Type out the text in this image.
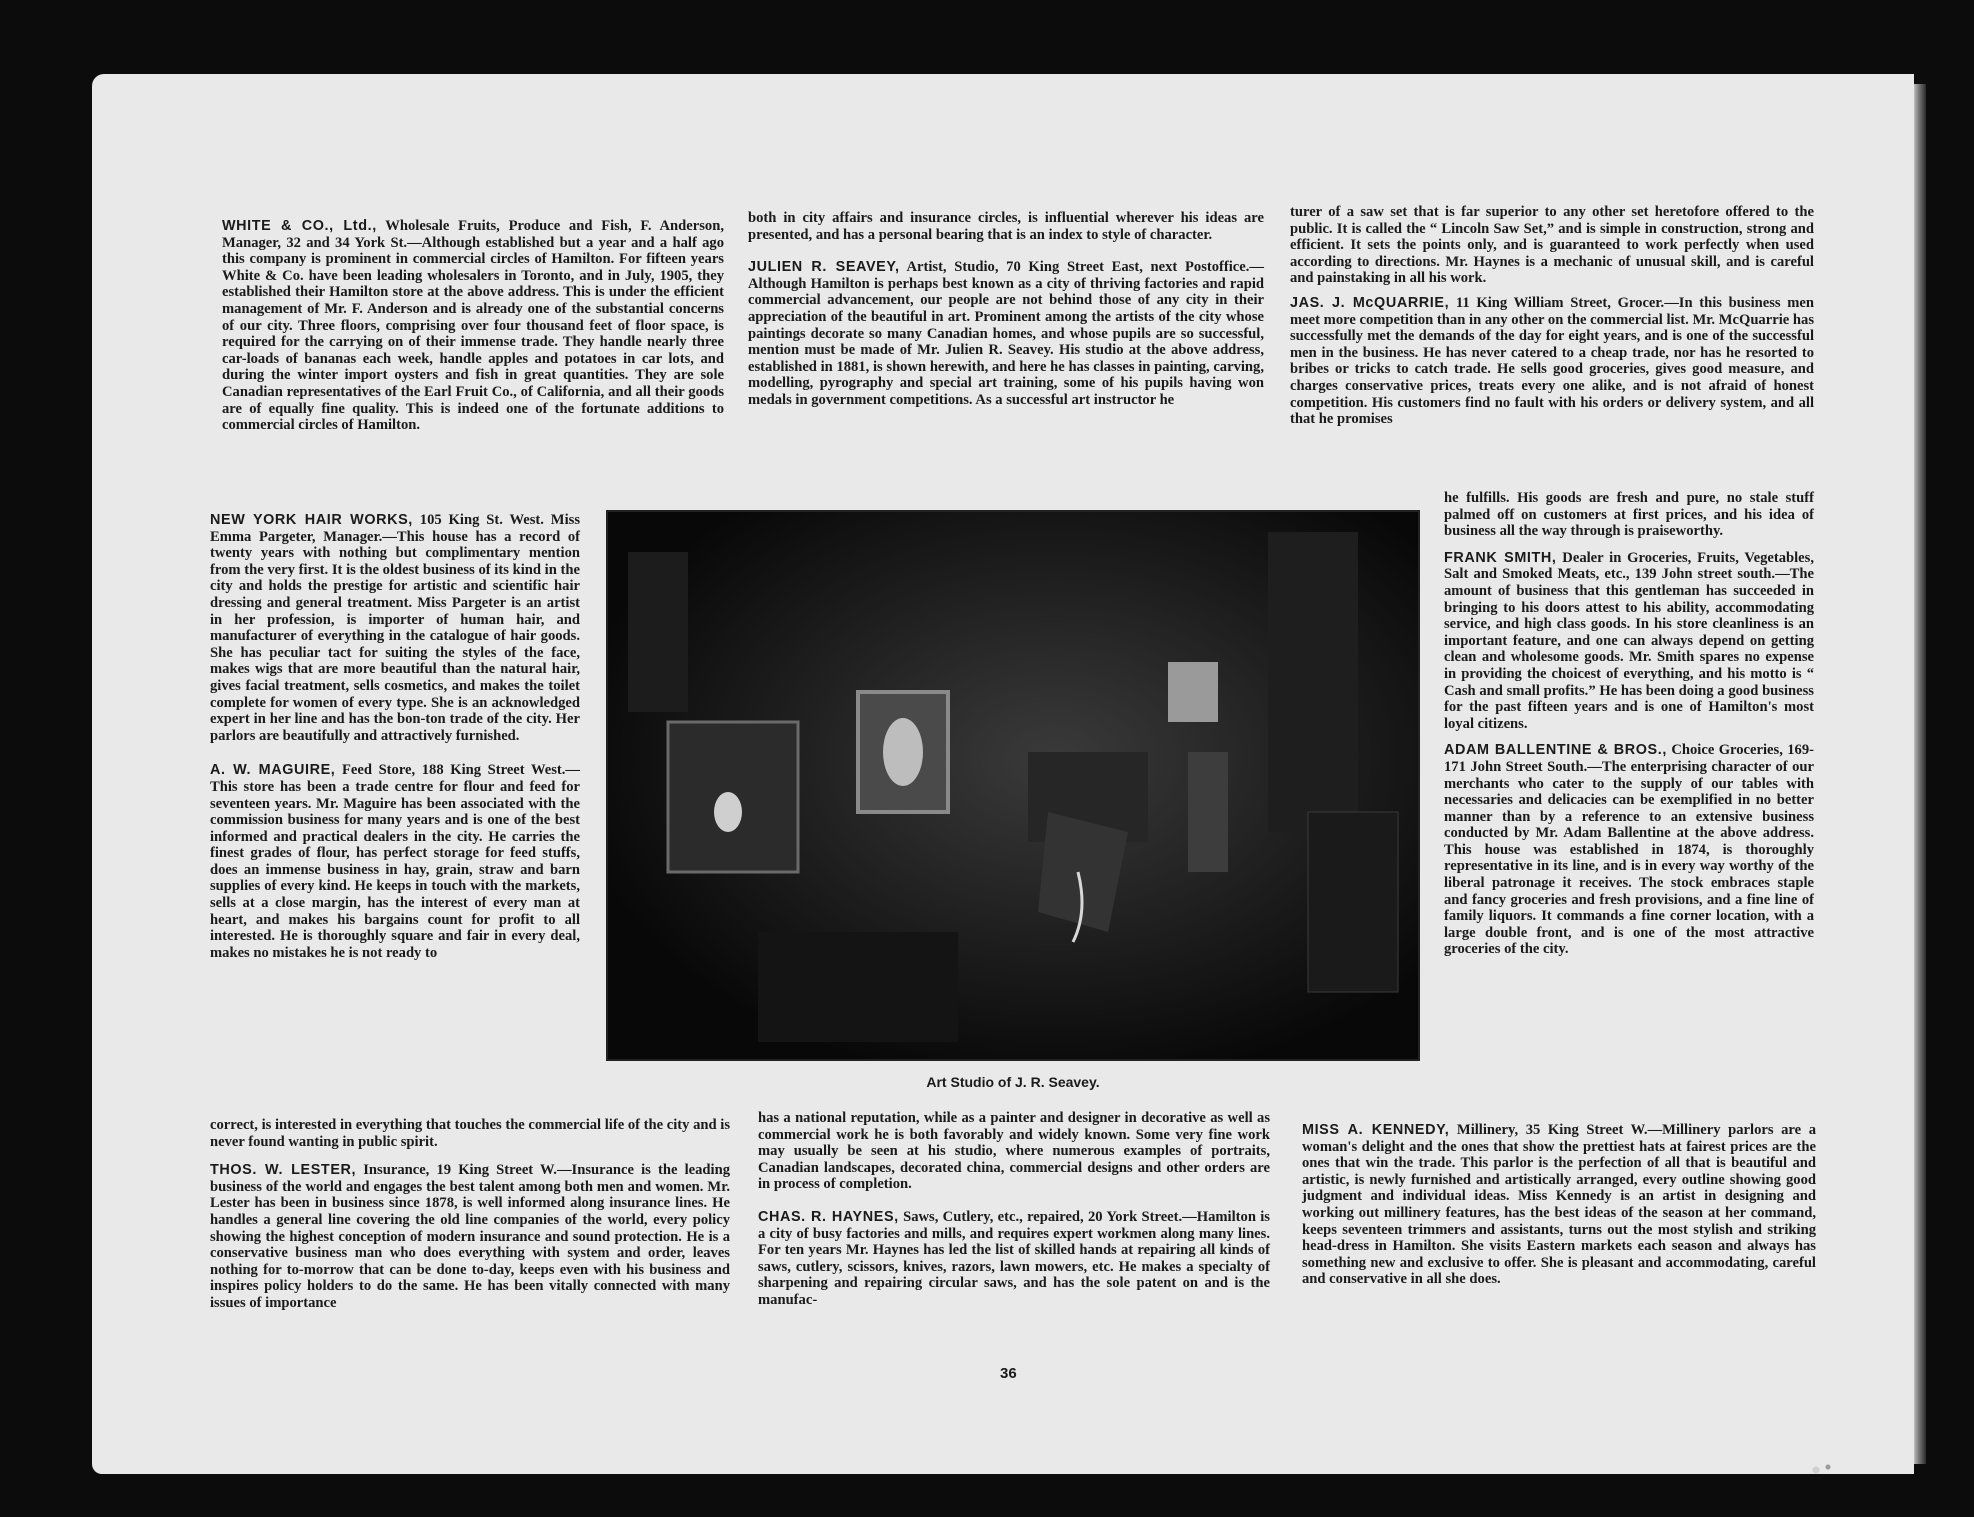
WHITE & CO., Ltd., Wholesale Fruits, Produce and Fish, F. Anderson, Manager, 32 and 34 York St.—Although established but a year and a half ago this company is prominent in commercial circles of Hamilton. For fifteen years White & Co. have been leading wholesalers in Toronto, and in July, 1905, they established their Hamilton store at the above address. This is under the efficient management of Mr. F. Anderson and is already one of the substantial concerns of our city. Three floors, comprising over four thousand feet of floor space, is required for the carrying on of their immense trade. They handle nearly three car-loads of bananas each week, handle apples and potatoes in car lots, and during the winter import oysters and fish in great quantities. They are sole Canadian representatives of the Earl Fruit Co., of California, and all their goods are of equally fine quality. This is indeed one of the fortunate additions to commercial circles of Hamilton.

NEW YORK HAIR WORKS, 105 King St. West. Miss Emma Pargeter, Manager.—This house has a record of twenty years with nothing but complimentary mention from the very first. It is the oldest business of its kind in the city and holds the prestige for artistic and scientific hair dressing and general treatment. Miss Pargeter is an artist in her profession, is importer of human hair, and manufacturer of everything in the catalogue of hair goods. She has peculiar tact for suiting the styles of the face, makes wigs that are more beautiful than the natural hair, gives facial treatment, sells cosmetics, and makes the toilet complete for women of every type. She is an acknowledged expert in her line and has the bon-ton trade of the city. Her parlors are beautifully and attractively furnished.

A. W. MAGUIRE, Feed Store, 188 King Street West.—This store has been a trade centre for flour and feed for seventeen years. Mr. Maguire has been associated with the commission business for many years and is one of the best informed and practical dealers in the city. He carries the finest grades of flour, has perfect storage for feed stuffs, does an immense business in hay, grain, straw and barn supplies of every kind. He keeps in touch with the markets, sells at a close margin, has the interest of every man at heart, and makes his bargains count for profit to all interested. He is thoroughly square and fair in every deal, makes no mistakes he is not ready to

correct, is interested in everything that touches the commercial life of the city and is never found wanting in public spirit.

THOS. W. LESTER, Insurance, 19 King Street W.—Insurance is the leading business of the world and engages the best talent among both men and women. Mr. Lester has been in business since 1878, is well informed along insurance lines. He handles a general line covering the old line companies of the world, every policy showing the highest conception of modern insurance and sound protection. He is a conservative business man who does everything with system and order, leaves nothing for to-morrow that can be done to-day, keeps even with his business and inspires policy holders to do the same. He has been vitally connected with many issues of importance

both in city affairs and insurance circles, is influential wherever his ideas are presented, and has a personal bearing that is an index to style of character.

JULIEN R. SEAVEY, Artist, Studio, 70 King Street East, next Postoffice.—Although Hamilton is perhaps best known as a city of thriving factories and rapid commercial advancement, our people are not behind those of any city in their appreciation of the beautiful in art. Prominent among the artists of the city whose paintings decorate so many Canadian homes, and whose pupils are so successful, mention must be made of Mr. Julien R. Seavey. His studio at the above address, established in 1881, is shown herewith, and here he has classes in painting, carving, modelling, pyrography and special art training, some of his pupils having won medals in government competitions. As a successful art instructor he

Art Studio of J. R. Seavey.

has a national reputation, while as a painter and designer in decorative as well as commercial work he is both favorably and widely known. Some very fine work may usually be seen at his studio, where numerous examples of portraits, Canadian landscapes, decorated china, commercial designs and other orders are in process of completion.

CHAS. R. HAYNES, Saws, Cutlery, etc., repaired, 20 York Street.—Hamilton is a city of busy factories and mills, and requires expert workmen along many lines. For ten years Mr. Haynes has led the list of skilled hands at repairing all kinds of saws, cutlery, scissors, knives, razors, lawn mowers, etc. He makes a specialty of sharpening and repairing circular saws, and has the sole patent on and is the manufac-

turer of a saw set that is far superior to any other set heretofore offered to the public. It is called the “ Lincoln Saw Set,” and is simple in construction, strong and efficient. It sets the points only, and is guaranteed to work perfectly when used according to directions. Mr. Haynes is a mechanic of unusual skill, and is careful and painstaking in all his work.

JAS. J. McQUARRIE, 11 King William Street, Grocer.—In this business men meet more competition than in any other on the commercial list. Mr. McQuarrie has successfully met the demands of the day for eight years, and is one of the successful men in the business. He has never catered to a cheap trade, nor has he resorted to bribes or tricks to catch trade. He sells good groceries, gives good measure, and charges conservative prices, treats every one alike, and is not afraid of honest competition. His customers find no fault with his orders or delivery system, and all that he promises

he fulfills. His goods are fresh and pure, no stale stuff palmed off on customers at first prices, and his idea of business all the way through is praiseworthy.

FRANK SMITH, Dealer in Groceries, Fruits, Vegetables, Salt and Smoked Meats, etc., 139 John street south.—The amount of business that this gentleman has succeeded in bringing to his doors attest to his ability, accommodating service, and high class goods. In his store cleanliness is an important feature, and one can always depend on getting clean and wholesome goods. Mr. Smith spares no expense in providing the choicest of everything, and his motto is “ Cash and small profits.” He has been doing a good business for the past fifteen years and is one of Hamilton's most loyal citizens.

ADAM BALLENTINE & BROS., Choice Groceries, 169-171 John Street South.—The enterprising character of our merchants who cater to the supply of our tables with necessaries and delicacies can be exemplified in no better manner than by a reference to an extensive business conducted by Mr. Adam Ballentine at the above address. This house was established in 1874, is thoroughly representative in its line, and is in every way worthy of the liberal patronage it receives. The stock embraces staple and fancy groceries and fresh provisions, and a fine line of family liquors. It commands a fine corner location, with a large double front, and is one of the most attractive groceries of the city.

MISS A. KENNEDY, Millinery, 35 King Street W.—Millinery parlors are a woman's delight and the ones that show the prettiest hats at fairest prices are the ones that win the trade. This parlor is the perfection of all that is beautiful and artistic, is newly furnished and artistically arranged, every outline showing good judgment and individual ideas. Miss Kennedy is an artist in designing and working out millinery features, has the best ideas of the season at her command, keeps seventeen trimmers and assistants, turns out the most stylish and striking head-dress in Hamilton. She visits Eastern markets each season and always has something new and exclusive to offer. She is pleasant and accommodating, careful and conservative in all she does.

36
